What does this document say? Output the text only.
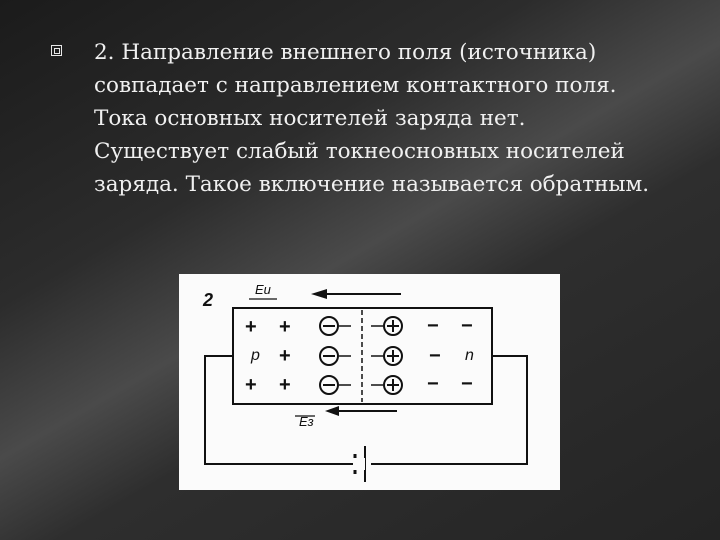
2. Направление внешнего поля (источника)
совпадает с направлением контактного поля.
Тока основных носителей заряда нет.
Существует слабый токнеосновных носителей
заряда. Такое включение называется обратным.
2
Eи
+ +
p +
+ +
− −
− n
− −
Eз
